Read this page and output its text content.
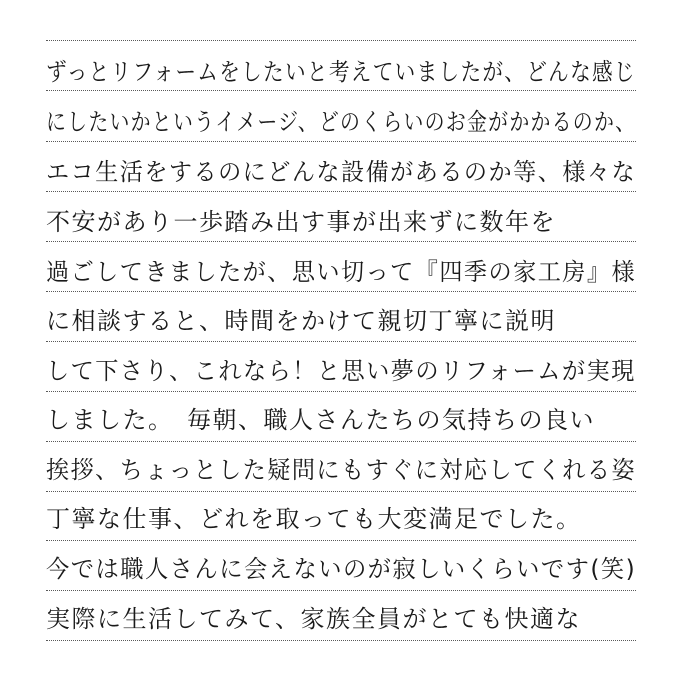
ずっとリフォームをしたいと考えていましたが、どんな感じ
にしたいかというイメージ、どのくらいのお金がかかるのか、
エコ生活をするのにどんな設備があるのか等、様々な
不安があり一歩踏み出す事が出来ずに数年を
過ごしてきましたが、思い切って『四季の家工房』様
に相談すると、時間をかけて親切丁寧に説明
して下さり、これなら！と思い夢のリフォームが実現
しました。　毎朝、職人さんたちの気持ちの良い
挨拶、ちょっとした疑問にもすぐに対応してくれる姿
丁寧な仕事、どれを取っても大変満足でした。
今では職人さんに会えないのが寂しいくらいです(笑)
実際に生活してみて、家族全員がとても快適な
